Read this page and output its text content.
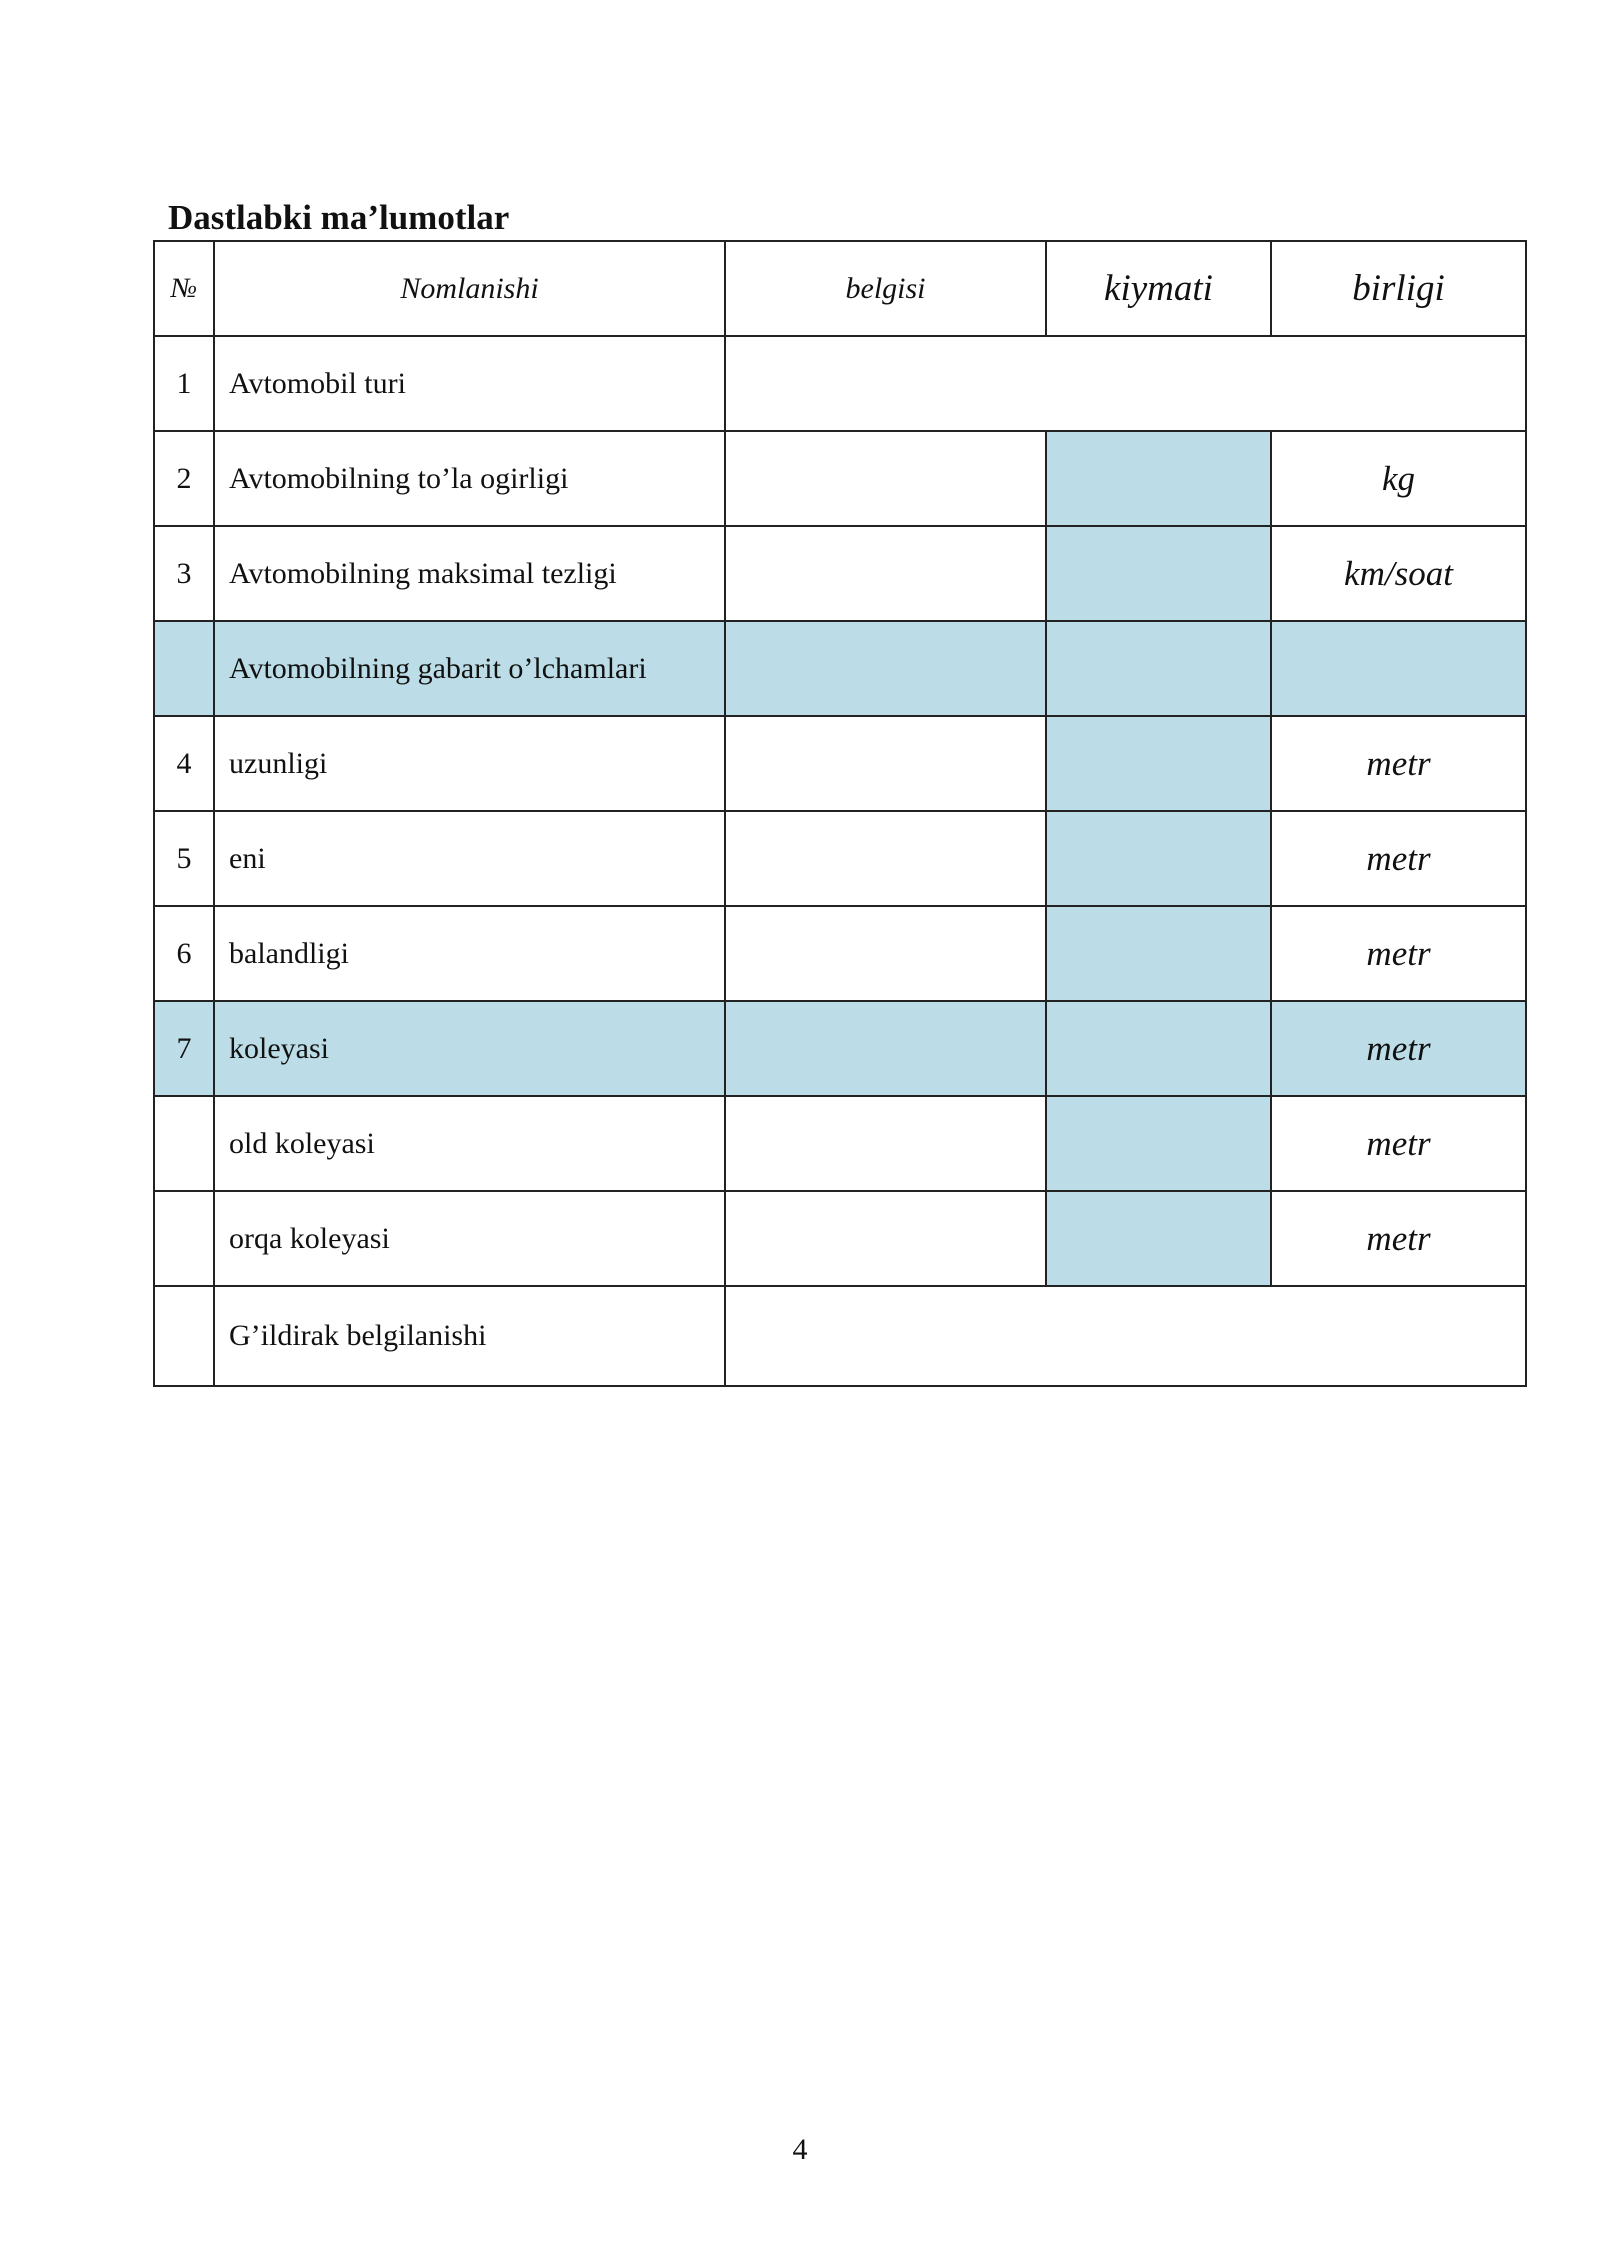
Dastlabki ma’lumotlar
№	Nomlanishi	belgisi	kiymati	birligi
1	Avtomobil turi			
2	Avtomobilning to’la ogirligi			kg
3	Avtomobilning maksimal tezligi			km/soat
	Avtomobilning gabarit o’lchamlari			
4	uzunligi			metr
5	eni			metr
6	balandligi			metr
7	koleyasi			metr
	old koleyasi			metr
	orqa koleyasi			metr
	G’ildirak belgilanishi			
4
